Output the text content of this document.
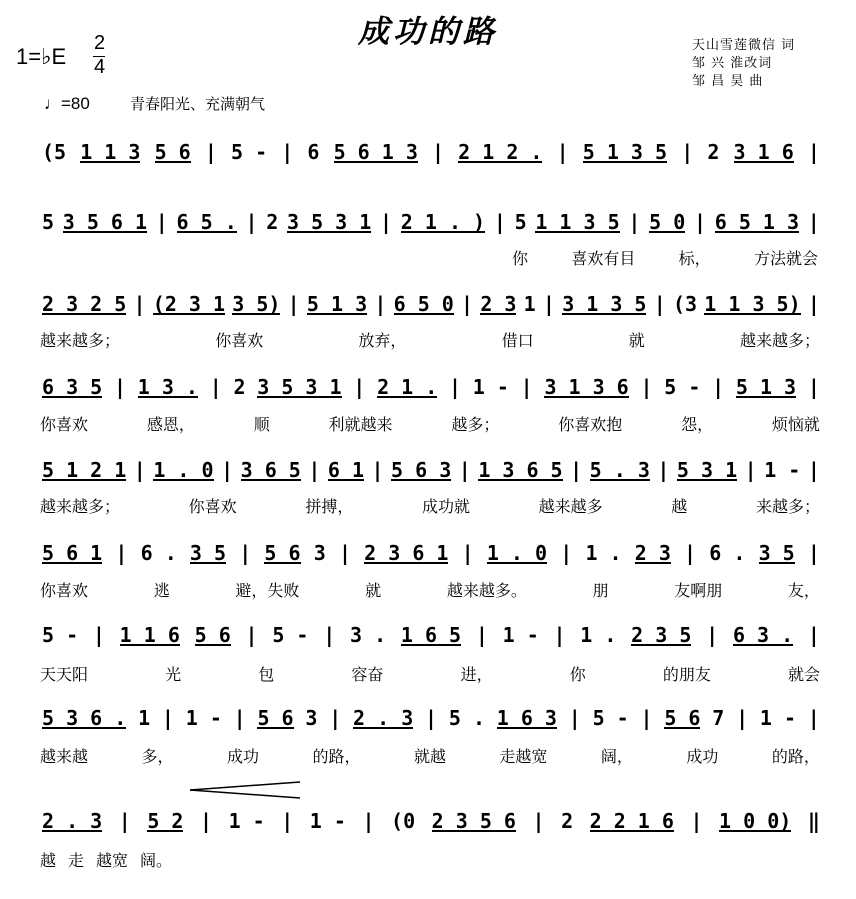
成功的路
1=♭E
2
4
♩=80	青春阳光、充满朝气
天山雪莲微信 词
邹 兴 淮改词
邹 昌 昊 曲
(5 1 1 3 5 6 | 5 - | 6 5 6 1 3 | 2 1 2 . | 5 1 3 5 | 2 3 1 6 |
5 3 5 6 1 | 6 5 . | 2 3 5 3 1 | 2 1 . ) | 5 1 1 3 5 | 5 0 | 6 5 1 3 |
你	喜欢有目	标，	方法就会
2 3 2 5 | (2 3 1 3 5) | 5 1 3 | 6 5 0 | 2 3 1 | 3 1 3 5 | (3 1 1 3 5) |
越来越多；	你喜欢	放弃，	借口	就	越来越多；
6 3 5 | 1 3 . | 2 3 5 3 1 | 2 1 . | 1 - | 3 1 3 6 | 5 - | 5 1 3 |
你喜欢	感恩，	顺	利就越来	越多；	你喜欢抱	怨，	烦恼就
5 1 2 1 | 1 . 0 | 3 6 5 | 6 1 | 5 6 3 | 1 3 6 5 | 5 . 3 | 5 3 1 | 1 - |
越来越多；	你喜欢	拼搏，	成功就	越来越多	越	来越多；
5 6 1 | 6 . 3 5 | 5 6 3 | 2 3 6 1 | 1 . 0 | 1 . 2 3 | 6 . 3 5 |
你喜欢	逃	避，失败	就	越来越多。	朋	友啊朋	友，
5 - | 1 1 6 5 6 | 5 - | 3 . 1 6 5 | 1 - | 1 . 2 3 5 | 6 3 . |
天天阳	光	包	容奋	进，	你	的朋友	就会
5 3 6 . 1 | 1 - | 5 6 3 | 2 . 3 | 5 . 1 6 3 | 5 - | 5 6 7 | 1 - |
越来越	多，	成功	的路，	就越	走越宽	阔，	成功	的路，
2 . 3 | 5 2 | 1 - | 1 - | (0 2 3 5 6 | 2 2 2 1 6 | 1 0 0) ‖
越 走 越宽 阔。
